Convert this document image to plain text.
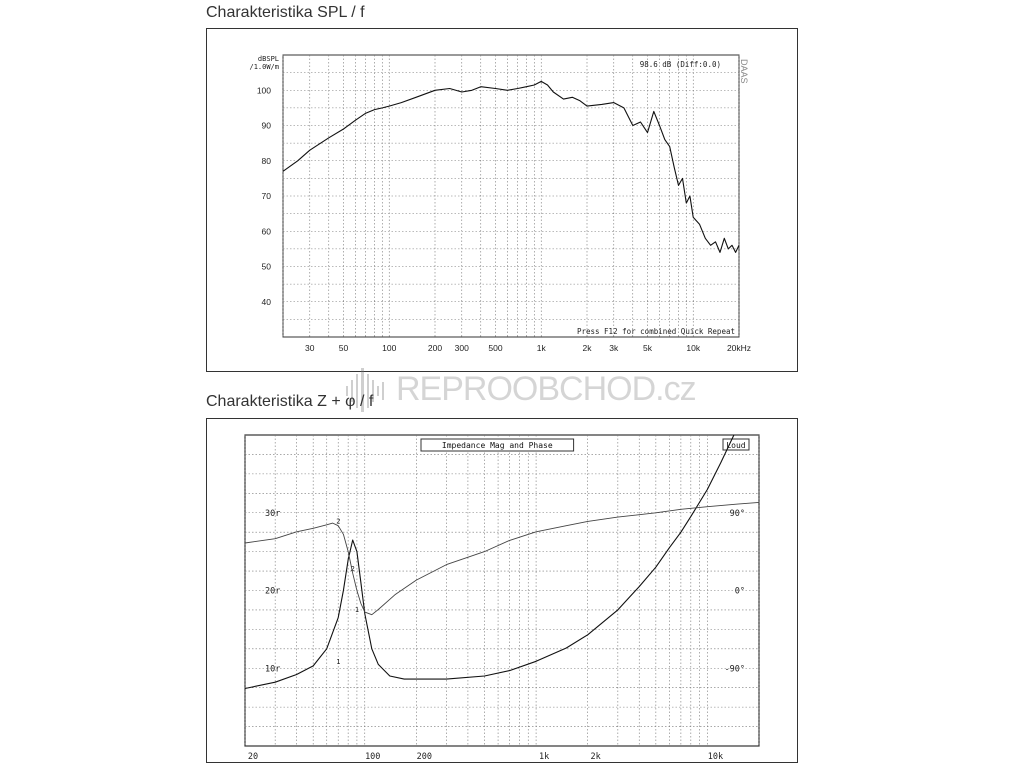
Charakteristika SPL / f
30	50	100	200 300 500	1k	2k 3k	5k	10k	20kHz
40
50
60
70
80
90
100
dBSPL
/1.0W/m	98.6 dB (Diff:0.0)
Press F12 for combined Quick Repeat
DAAS
REPROOBCHOD.cz
Charakteristika Z + φ / f
Impedance Mag and Phase	Loud
20	100	200	1k	2k	10k
10r
20r
30r
-90°
0°
90°
1
2
1
2
